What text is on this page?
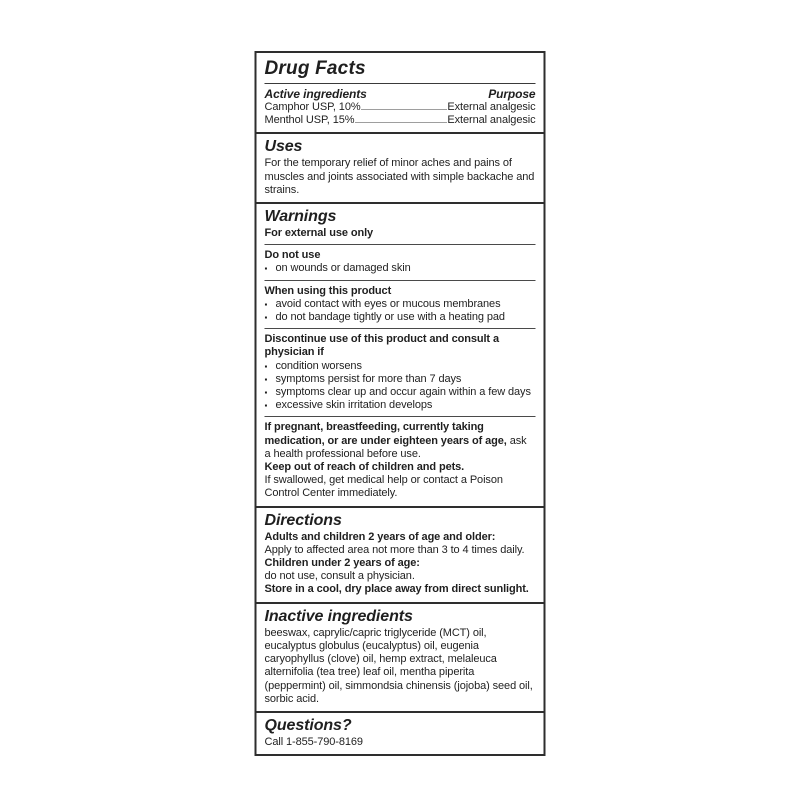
Drug Facts
Active ingredients	Purpose
Camphor USP, 10%	External analgesic
Menthol USP, 15%	External analgesic
Uses

For the temporary relief of minor aches and pains of muscles and joints associated with simple backache and strains.

Warnings

For external use only

Do not use

▪ on wounds or damaged skin

When using this product

▪ avoid contact with eyes or mucous membranes
▪ do not bandage tightly or use with a heating pad

Discontinue use of this product and consult a physician if

▪ condition worsens
▪ symptoms persist for more than 7 days
▪ symptoms clear up and occur again within a few days
▪ excessive skin irritation develops

If pregnant, breastfeeding, currently taking medication, or are under eighteen years of age, ask a health professional before use.

Keep out of reach of children and pets.

If swallowed, get medical help or contact a Poison Control Center immediately.

Directions

Adults and children 2 years of age and older:

Apply to affected area not more than 3 to 4 times daily.

Children under 2 years of age:

do not use, consult a physician.

Store in a cool, dry place away from direct sunlight.

Inactive ingredients

beeswax, caprylic/capric triglyceride (MCT) oil, eucalyptus globulus (eucalyptus) oil, eugenia caryophyllus (clove) oil, hemp extract, melaleuca alternifolia (tea tree) leaf oil, mentha piperita (peppermint) oil, simmondsia chinensis (jojoba) seed oil, sorbic acid.

Questions?

Call 1-855-790-8169
